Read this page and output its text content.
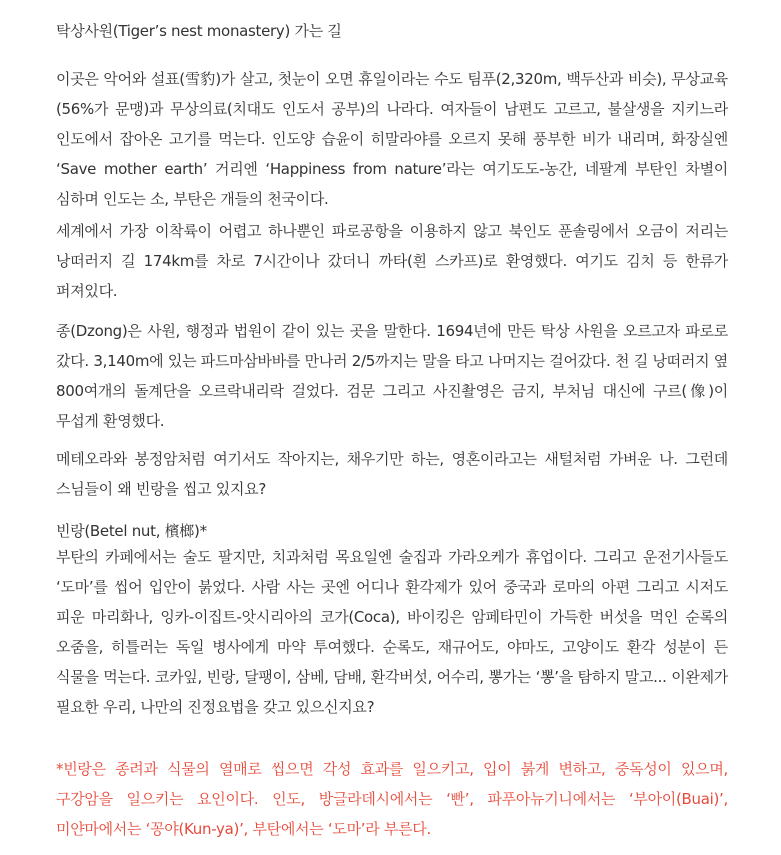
탁상사원(Tiger’s nest monastery) 가는 길

이곳은 악어와 설표(雪豹)가 살고, 첫눈이 오면 휴일이라는 수도 팀푸(2,320m, 백두산과 비슷), 무상교육(56%가 문맹)과 무상의료(치대도 인도서 공부)의 나라다. 여자들이 남편도 고르고, 불살생을 지키느라 인도에서 잡아온 고기를 먹는다. 인도양 습윤이 히말라야를 오르지 못해 풍부한 비가 내리며, 화장실엔 ‘Save mother earth’ 거리엔 ‘Happiness from nature’라는 여기도도-농간, 네팔계 부탄인 차별이 심하며 인도는 소, 부탄은 개들의 천국이다.

세계에서 가장 이착륙이 어렵고 하나뿐인 파로공항을 이용하지 않고 북인도 푼솔링에서 오금이 저리는 낭떠러지 길 174km를 차로 7시간이나 갔더니 까타(흰 스카프)로 환영했다. 여기도 김치 등 한류가 퍼져있다.

종(Dzong)은 사원, 행정과 법원이 같이 있는 곳을 말한다. 1694년에 만든 탁상 사원을 오르고자 파로로 갔다. 3,140m에 있는 파드마삼바바를 만나러 2/5까지는 말을 타고 나머지는 걸어갔다. 천 길 낭떠러지 옆 800여개의 돌계단을 오르락내리락 걸었다. 검문 그리고 사진촬영은 금지, 부처님 대신에 구르(像)이 무섭게 환영했다.

메테오라와 봉정암처럼 여기서도 작아지는, 채우기만 하는, 영혼이라고는 새털처럼 가벼운 나. 그런데 스님들이 왜 빈랑을 씹고 있지요?

빈랑(Betel nut, 檳榔)*

부탄의 카페에서는 술도 팔지만, 치과처럼 목요일엔 술집과 가라오케가 휴업이다. 그리고 운전기사들도 ‘도마’를 씹어 입안이 붉었다. 사람 사는 곳엔 어디나 환각제가 있어 중국과 로마의 아편 그리고 시저도 피운 마리화나, 잉카-이집트-앗시리아의 코가(Coca), 바이킹은 암페타민이 가득한 버섯을 먹인 순록의 오줌을, 히틀러는 독일 병사에게 마약 투여했다. 순록도, 재규어도, 야마도, 고양이도 환각 성분이 든 식물을 먹는다. 코카잎, 빈랑, 달팽이, 삼베, 담배, 환각버섯, 어수리, 뽕가는 ‘뽕’을 탐하지 말고... 이완제가 필요한 우리, 나만의 진정요법을 갖고 있으신지요?

*빈랑은 종려과 식물의 열매로 씹으면 각성 효과를 일으키고, 입이 붉게 변하고, 중독성이 있으며, 구강암을 일으키는 요인이다. 인도, 방글라데시에서는 ‘빤’, 파푸아뉴기니에서는 ‘부아이(Buai)’, 미얀마에서는 ‘꽁야(Kun-ya)’, 부탄에서는 ‘도마’라 부른다.
